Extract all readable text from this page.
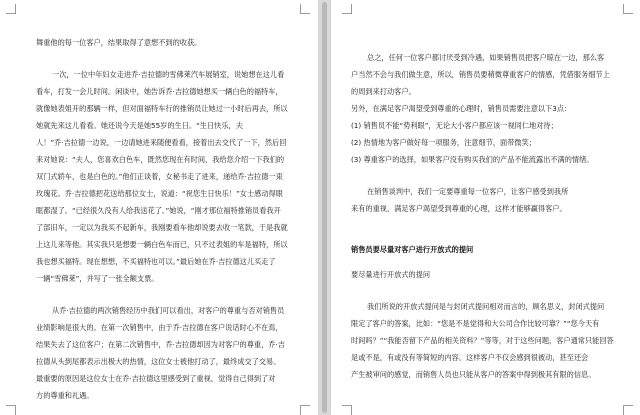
舞重他的每一位客户，结果取得了意想不到的收获。
一次，一位中年妇女走进乔·吉拉德的雪佛莱汽车展销室，说她想在这儿看
看车，打发一会儿时间。闲谈中，她告诉乔·吉拉德她想买一辆白色的福特车，
就像她表姐开的那辆一样，但对面福特车行的推销员让她过一小时后再去，所以
她就先来这儿看看。她还说今天是她55岁的生日。“生日快乐，夫
人！”乔·吉拉德一边说，一边请她进来随便看看，接着出去交代了一下，然后回
来对她说：“夫人，您喜欢白色车，既然您现在有时间，我给您介绍一下我们的
双门式轿车，也是白色的。”他们正谈着，女秘书走了进来，递给乔·吉拉德一束
玫瑰花。乔·吉拉德把花送给那位女士，说道：“祝您生日快乐！”女士感动得眼
眶都湿了。“已经很久没有人给我送花了。”她说，“刚才那位福特推销员看我开
了部旧车，一定以为我买不起新车，我刚要看车他却说要去收一笔款，于是我就
上这儿来等他。其实我只是想要一辆白色车而已，只不过表姐的车是福特，所以
我也想买福特。现在想想，不买福特也可以。”最后她在乔·吉拉德这儿买走了
一辆“雪佛莱”，并写了一张全额支票。
从乔·吉拉德的两次销售经历中我们可以看出，对客户的尊重与否对销售员
业绩影响是很大的。在第一次销售中，由于乔·吉拉德在客户说话时心不在焉，
结果失去了这位客户；在第二次销售中，乔·吉拉德却因为对客户的尊重，乔·吉
拉德从头到尾都表示出极大的热情，这位女士被他打动了，最终成交了交易。
最重要的原因是这位女士在乔·吉拉德这里感受到了重视，觉得自己得到了对
方的尊重和礼遇。
总之，任何一位客户都讨厌受到冷遇，如果销售员把客户晾在一边，那么客
户当然不会与我们做生意，所以，销售员要稍微尊重客户的情感，凭借服务细节上
的周到来打动客户。
另外，在满足客户渴望受到尊重的心理时，销售员需要注意以下3点：
(1) 销售员不能“势利眼”，无论大小客户都应该一视同仁地对待；
(2) 热情地为客户做好每一项服务，注意细节，面带微笑；
(3) 尊重客户的选择，如果客户没有购买我们的产品不能流露出不满的情绪。
在销售谈判中，我们一定要尊重每一位客户，让客户感受到我所
来有的重视，满足客户渴望受到尊重的心理，这样才能够赢得客户。
销售员要尽量对客户进行开放式的提问
要尽量进行开放式的提问
我们所说的开放式提问是与封闭式提问相对而言的，顾名思义，封闭式提问
限定了客户的答案，比如：“您是不是觉得和大公司合作比较可靠？”“您今天有
时间吗？”“我能否留下产品的相关资料？”等等，对于这些问题，客户通常只能回答
是或不是，有或没有等简短的内容。这样客户不仅会感到很被动，甚至还会
产生被审问的感觉，而销售人员也只能从客户的答案中得到极其有限的信息。
